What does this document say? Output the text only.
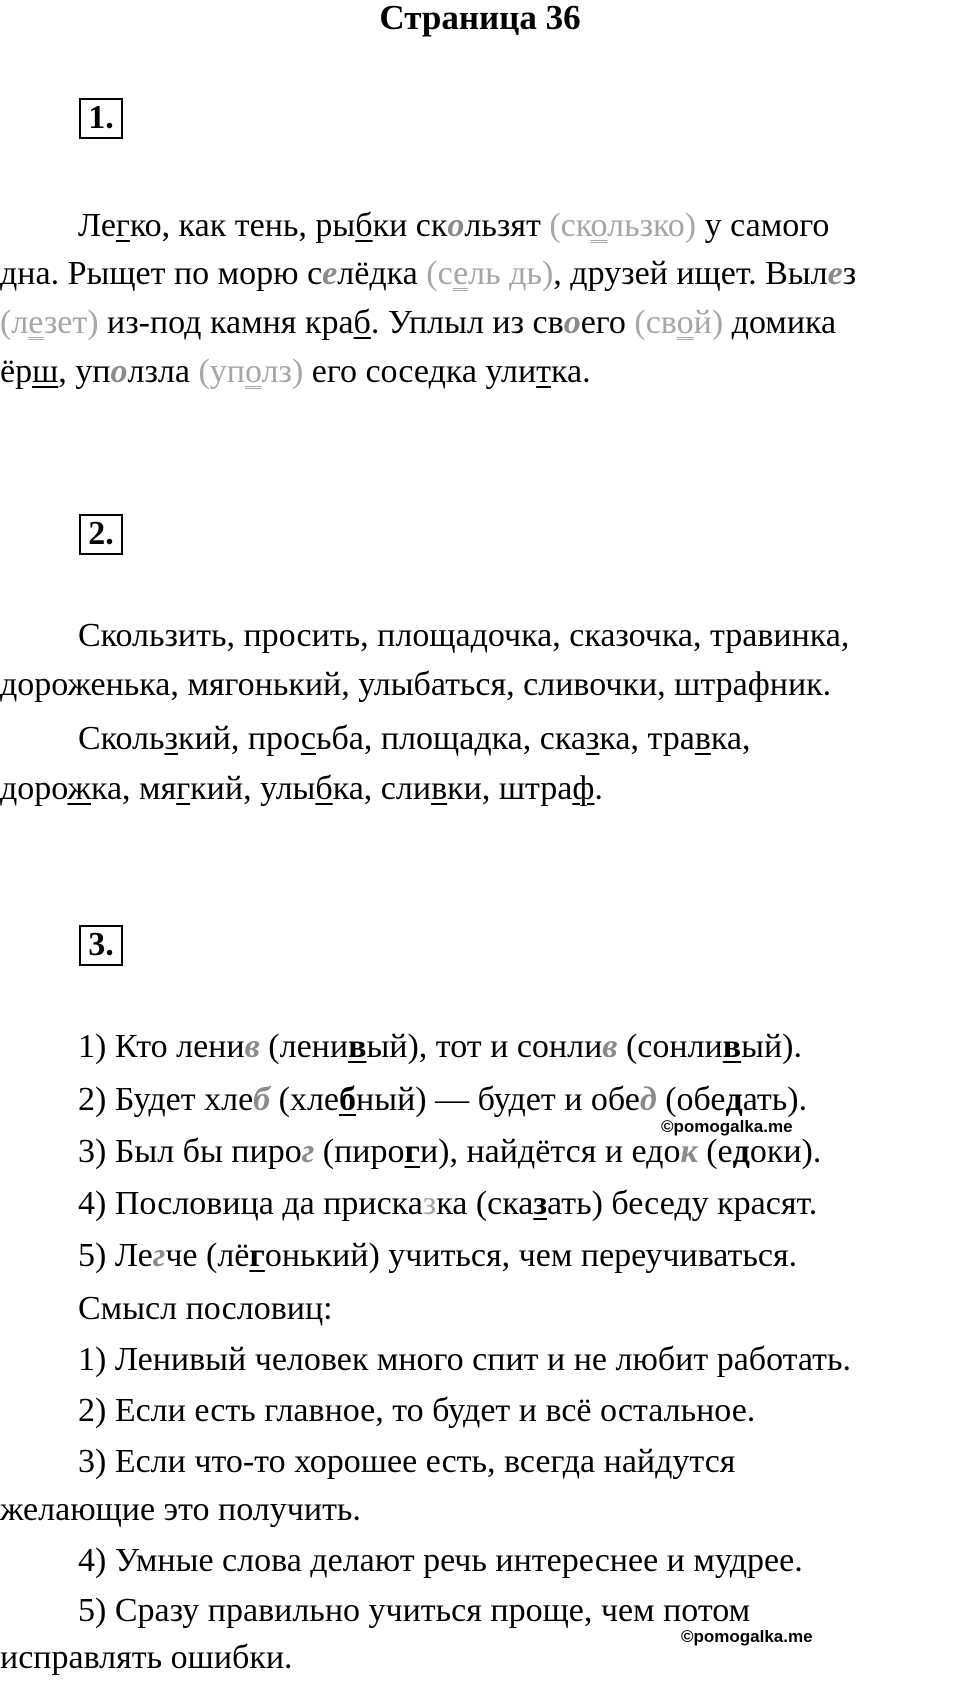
Страница 36
1.
Легко, как тень, рыбки скользят (скользко) у самого
дна. Рыщет по морю селёдка (сель дь), друзей ищет. Вылез
(лезет) из-под камня краб. Уплыл из своего (свой) домика
ёрш, уползла (уполз) его соседка улитка.
2.
Скользить, просить, площадочка, сказочка, травинка,
дороженька, мягонький, улыбаться, сливочки, штрафник.
Скользкий, просьба, площадка, сказка, травка,
дорожка, мягкий, улыбка, сливки, штраф.
3.
1) Кто ленив (ленивый), тот и сонлив (сонливый).
2) Будет хлеб (хлебный) — будет и обед (обедать).
©pomogalka.me
3) Был бы пирог (пироги), найдётся и едок (едоки).
4) Пословица да присказка (сказать) беседу красят.
5) Легче (лёгонький) учиться, чем переучиваться.
Смысл пословиц:
1) Ленивый человек много спит и не любит работать.
2) Если есть главное, то будет и всё остальное.
3) Если что-то хорошее есть, всегда найдутся
желающие это получить.
4) Умные слова делают речь интереснее и мудрее.
5) Сразу правильно учиться проще, чем потом
©pomogalka.me
исправлять ошибки.
